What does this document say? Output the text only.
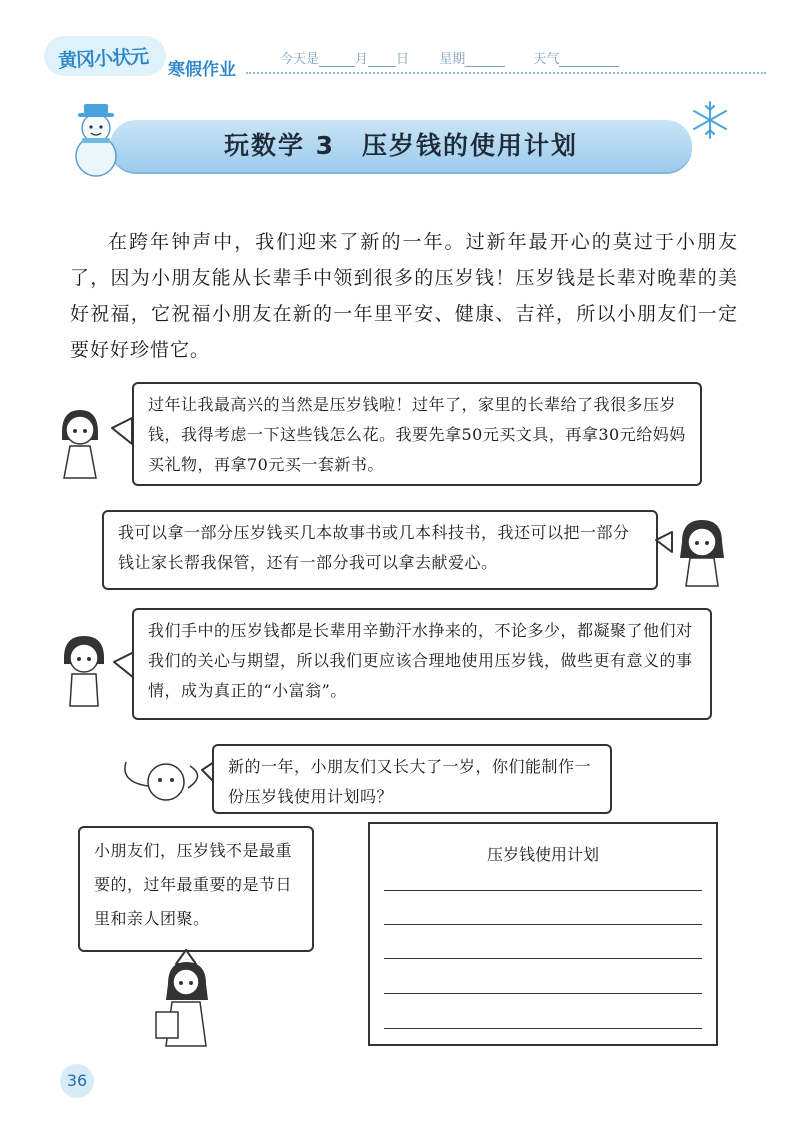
黄冈小状元 寒假作业
今天是	月 日 星期	天气
玩数学 3　压岁钱的使用计划
在跨年钟声中，我们迎来了新的一年。过新年最开心的莫过于小朋友了，因为小朋友能从长辈手中领到很多的压岁钱！压岁钱是长辈对晚辈的美好祝福，它祝福小朋友在新的一年里平安、健康、吉祥，所以小朋友们一定要好好珍惜它。
过年让我最高兴的当然是压岁钱啦！过年了，家里的长辈给了我很多压岁钱，我得考虑一下这些钱怎么花。我要先拿50元买文具，再拿30元给妈妈买礼物，再拿70元买一套新书。
我可以拿一部分压岁钱买几本故事书或几本科技书，我还可以把一部分钱让家长帮我保管，还有一部分我可以拿去献爱心。
我们手中的压岁钱都是长辈用辛勤汗水挣来的，不论多少，都凝聚了他们对我们的关心与期望，所以我们更应该合理地使用压岁钱，做些更有意义的事情，成为真正的“小富翁”。
新的一年，小朋友们又长大了一岁，你们能制作一份压岁钱使用计划吗？
小朋友们，压岁钱不是最重要的，过年最重要的是节日里和亲人团聚。
压岁钱使用计划
36
